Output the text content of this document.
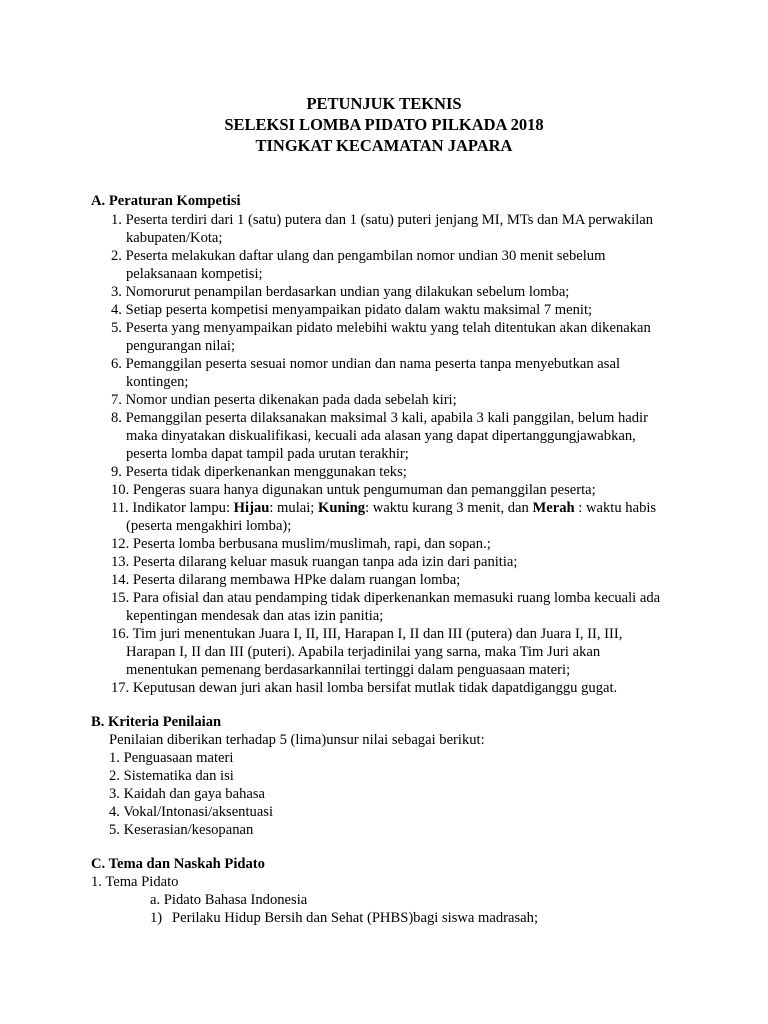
PETUNJUK TEKNIS
SELEKSI LOMBA PIDATO PILKADA 2018
TINGKAT KECAMATAN JAPARA
A. Peraturan Kompetisi
1. Peserta terdiri dari 1 (satu) putera dan 1 (satu) puteri jenjang MI, MTs dan MA perwakilan
kabupaten/Kota;
2. Peserta melakukan daftar ulang dan pengambilan nomor undian 30 menit sebelum
pelaksanaan kompetisi;
3. Nomorurut penampilan berdasarkan undian yang dilakukan sebelum lomba;
4. Setiap peserta kompetisi menyampaikan pidato dalam waktu maksimal 7 menit;
5. Peserta yang menyampaikan pidato melebihi waktu yang telah ditentukan akan dikenakan
pengurangan nilai;
6. Pemanggilan peserta sesuai nomor undian dan nama peserta tanpa menyebutkan asal
kontingen;
7. Nomor undian peserta dikenakan pada dada sebelah kiri;
8. Pemanggilan peserta dilaksanakan maksimal 3 kali, apabila 3 kali panggilan, belum hadir
maka dinyatakan diskualifikasi, kecuali ada alasan yang dapat dipertanggungjawabkan,
peserta lomba dapat tampil pada urutan terakhir;
9. Peserta tidak diperkenankan menggunakan teks;
10. Pengeras suara hanya digunakan untuk pengumuman dan pemanggilan peserta;
11. Indikator lampu: Hijau: mulai; Kuning: waktu kurang 3 menit, dan Merah : waktu habis
(peserta mengakhiri lomba);
12. Peserta lomba berbusana muslim/muslimah, rapi, dan sopan.;
13. Peserta dilarang keluar masuk ruangan tanpa ada izin dari panitia;
14. Peserta dilarang membawa HPke dalam ruangan lomba;
15. Para ofisial dan atau pendamping tidak diperkenankan memasuki ruang lomba kecuali ada
kepentingan mendesak dan atas izin panitia;
16. Tim juri menentukan Juara I, II, III, Harapan I, II dan III (putera) dan Juara I, II, III,
Harapan I, II dan III (puteri). Apabila terjadinilai yang sarna, maka Tim Juri akan
menentukan pemenang berdasarkannilai tertinggi dalam penguasaan materi;
17. Keputusan dewan juri akan hasil lomba bersifat mutlak tidak dapatdiganggu gugat.
B. Kriteria Penilaian
Penilaian diberikan terhadap 5 (lima)unsur nilai sebagai berikut:
1. Penguasaan materi
2. Sistematika dan isi
3. Kaidah dan gaya bahasa
4. Vokal/Intonasi/aksentuasi
5. Keserasian/kesopanan
C. Tema dan Naskah Pidato
1. Tema Pidato
a. Pidato Bahasa Indonesia
1) Perilaku Hidup Bersih dan Sehat (PHBS)bagi siswa madrasah;
